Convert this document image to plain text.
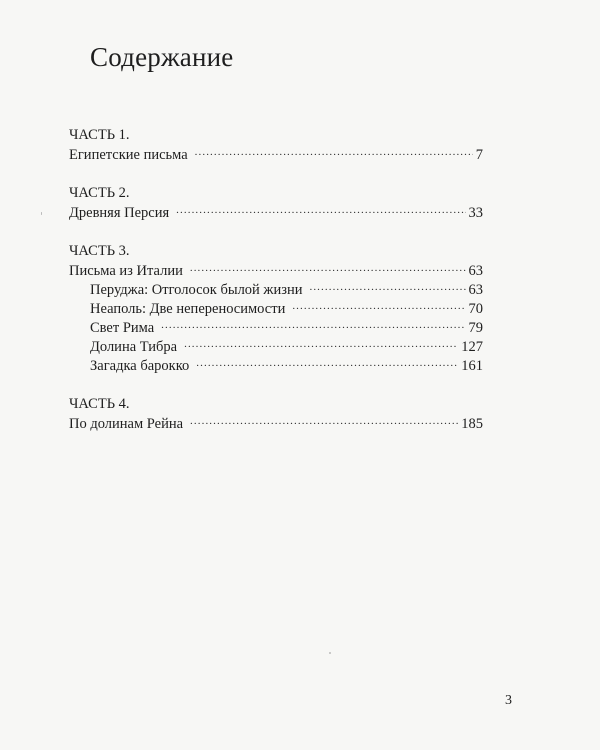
Содержание
ЧАСТЬ 1.
Египетские письма .....	7
ЧАСТЬ 2.
Древняя Персия .....	33
ЧАСТЬ 3.
Письма из Италии .....	63
Перуджа: Отголосок былой жизни .....	63
Неаполь: Две непереносимости .....	70
Свет Рима .....	79
Долина Тибра .....	127
Загадка барокко .....	161
ЧАСТЬ 4.
По долинам Рейна .....	185
3
